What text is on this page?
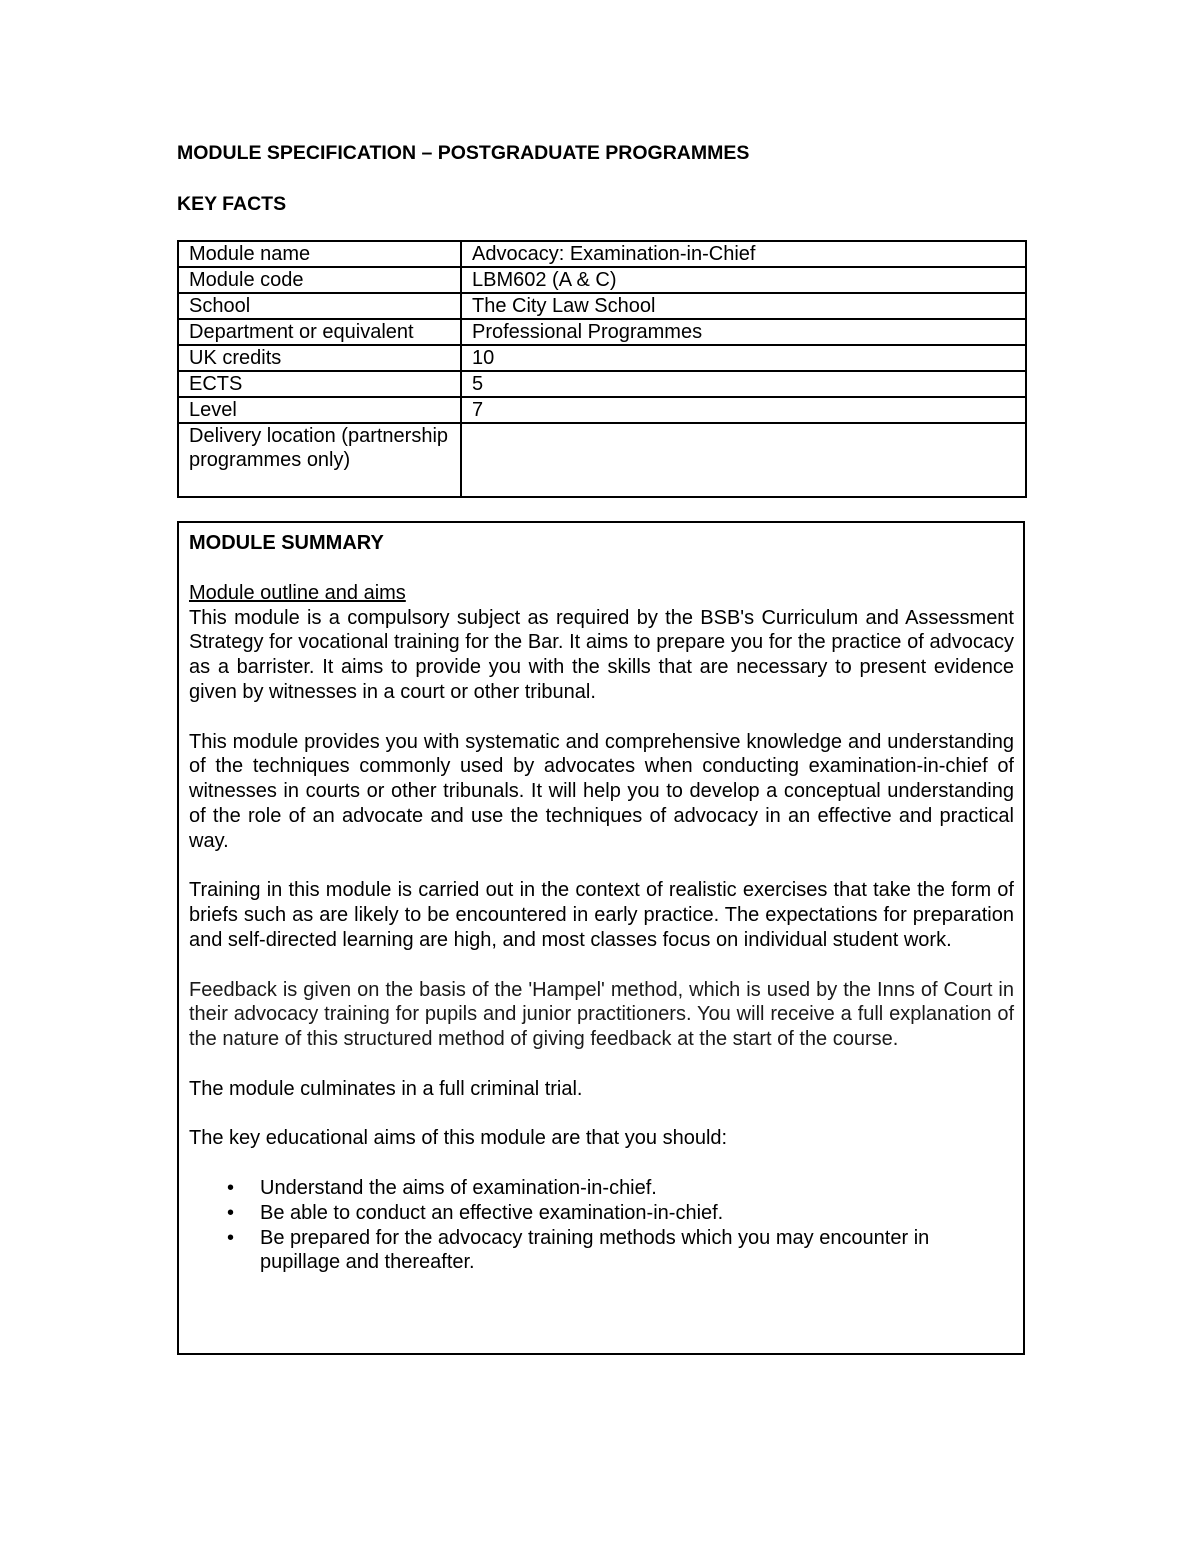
MODULE SPECIFICATION – POSTGRADUATE PROGRAMMES
KEY FACTS
Module name	Advocacy: Examination-in-Chief
Module code	LBM602 (A & C)
School	The City Law School
Department or equivalent	Professional Programmes
UK credits	10
ECTS	5
Level	7
Delivery location (partnership programmes only)	
MODULE SUMMARY
Module outline and aims

This module is a compulsory subject as required by the BSB's Curriculum and Assessment Strategy for vocational training for the Bar. It aims to prepare you for the practice of advocacy as a barrister. It aims to provide you with the skills that are necessary to present evidence given by witnesses in a court or other tribunal.

This module provides you with systematic and comprehensive knowledge and understanding of the techniques commonly used by advocates when conducting examination-in-chief of witnesses in courts or other tribunals. It will help you to develop a conceptual understanding of the role of an advocate and use the techniques of advocacy in an effective and practical way.

Training in this module is carried out in the context of realistic exercises that take the form of briefs such as are likely to be encountered in early practice. The expectations for preparation and self-directed learning are high, and most classes focus on individual student work.

Feedback is given on the basis of the 'Hampel' method, which is used by the Inns of Court in their advocacy training for pupils and junior practitioners. You will receive a full explanation of the nature of this structured method of giving feedback at the start of the course.

The module culminates in a full criminal trial.

The key educational aims of this module are that you should:

• Understand the aims of examination-in-chief.
• Be able to conduct an effective examination-in-chief.
• Be prepared for the advocacy training methods which you may encounter in pupillage and thereafter.
